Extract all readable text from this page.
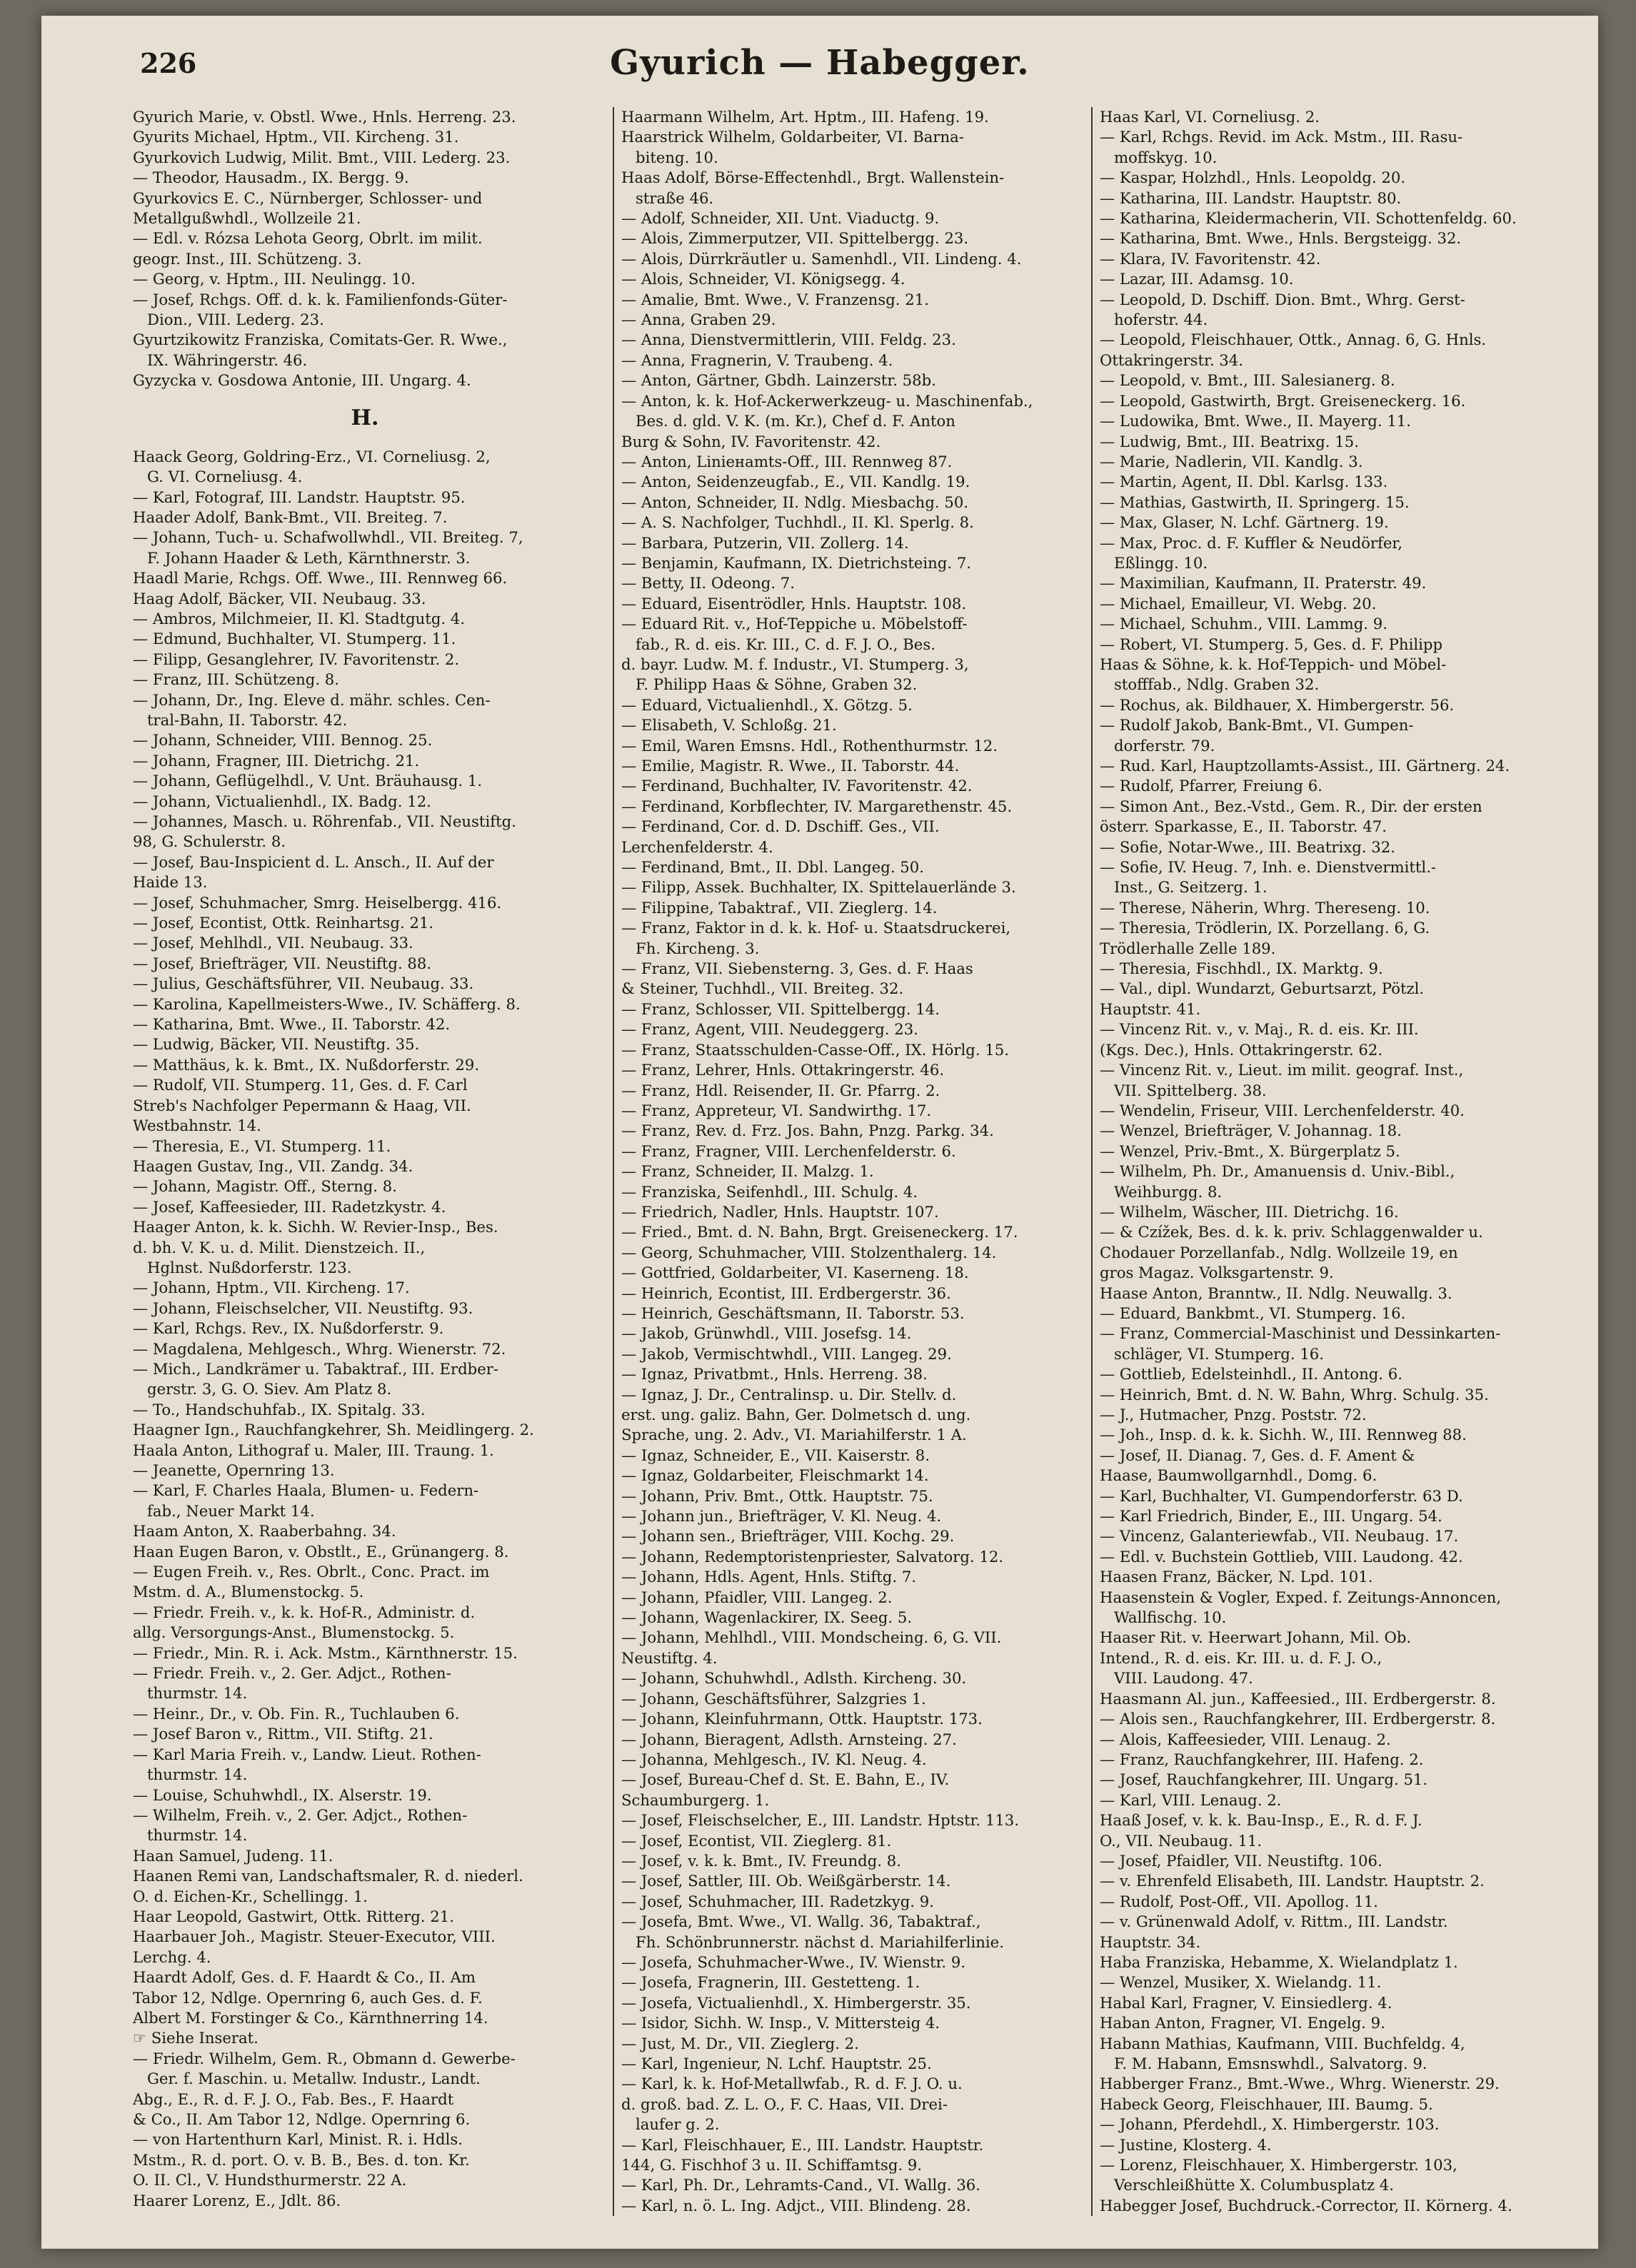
226	Gyurich — Habegger.
Gyurich Marie, v. Obstl. Wwe., Hnls. Herreng. 23.
Gyurits Michael, Hptm., VII. Kircheng. 31.
Gyurkovich Ludwig, Milit. Bmt., VIII. Lederg. 23.
— Theodor, Hausadm., IX. Bergg. 9.
Gyurkovics E. C., Nürnberger, Schlosser- und
Metallgußwhdl., Wollzeile 21.
— Edl. v. Rózsa Lehota Georg, Obrlt. im milit.
geogr. Inst., III. Schützeng. 3.
— Georg, v. Hptm., III. Neulingg. 10.
— Josef, Rchgs. Off. d. k. k. Familienfonds-Güter-
Dion., VIII. Lederg. 23.
Gyurtzikowitz Franziska, Comitats-Ger. R. Wwe.,
IX. Währingerstr. 46.
Gyzycka v. Gosdowa Antonie, III. Ungarg. 4.
H.
Haack Georg, Goldring-Erz., VI. Corneliusg. 2,
G. VI. Corneliusg. 4.
— Karl, Fotograf, III. Landstr. Hauptstr. 95.
Haader Adolf, Bank-Bmt., VII. Breiteg. 7.
— Johann, Tuch- u. Schafwollwhdl., VII. Breiteg. 7,
F. Johann Haader & Leth, Kärnthnerstr. 3.
Haadl Marie, Rchgs. Off. Wwe., III. Rennweg 66.
Haag Adolf, Bäcker, VII. Neubaug. 33.
— Ambros, Milchmeier, II. Kl. Stadtgutg. 4.
— Edmund, Buchhalter, VI. Stumperg. 11.
— Filipp, Gesanglehrer, IV. Favoritenstr. 2.
— Franz, III. Schützeng. 8.
— Johann, Dr., Ing. Eleve d. mähr. schles. Cen-
tral-Bahn, II. Taborstr. 42.
— Johann, Schneider, VIII. Bennog. 25.
— Johann, Fragner, III. Dietrichg. 21.
— Johann, Geflügelhdl., V. Unt. Bräuhausg. 1.
— Johann, Victualienhdl., IX. Badg. 12.
— Johannes, Masch. u. Röhrenfab., VII. Neustiftg.
98, G. Schulerstr. 8.
— Josef, Bau-Inspicient d. L. Ansch., II. Auf der
Haide 13.
— Josef, Schuhmacher, Smrg. Heiselbergg. 416.
— Josef, Econtist, Ottk. Reinhartsg. 21.
— Josef, Mehlhdl., VII. Neubaug. 33.
— Josef, Briefträger, VII. Neustiftg. 88.
— Julius, Geschäftsführer, VII. Neubaug. 33.
— Karolina, Kapellmeisters-Wwe., IV. Schäfferg. 8.
— Katharina, Bmt. Wwe., II. Taborstr. 42.
— Ludwig, Bäcker, VII. Neustiftg. 35.
— Matthäus, k. k. Bmt., IX. Nußdorferstr. 29.
— Rudolf, VII. Stumperg. 11, Ges. d. F. Carl
Streb's Nachfolger Pepermann & Haag, VII.
Westbahnstr. 14.
— Theresia, E., VI. Stumperg. 11.
Haagen Gustav, Ing., VII. Zandg. 34.
— Johann, Magistr. Off., Sterng. 8.
— Josef, Kaffeesieder, III. Radetzkystr. 4.
Haager Anton, k. k. Sichh. W. Revier-Insp., Bes.
d. bh. V. K. u. d. Milit. Dienstzeich. II.,
Hglnst. Nußdorferstr. 123.
— Johann, Hptm., VII. Kircheng. 17.
— Johann, Fleischselcher, VII. Neustiftg. 93.
— Karl, Rchgs. Rev., IX. Nußdorferstr. 9.
— Magdalena, Mehlgesch., Whrg. Wienerstr. 72.
— Mich., Landkrämer u. Tabaktraf., III. Erdber-
gerstr. 3, G. O. Siev. Am Platz 8.
— To., Handschuhfab., IX. Spitalg. 33.
Haagner Ign., Rauchfangkehrer, Sh. Meidlingerg. 2.
Haala Anton, Lithograf u. Maler, III. Traung. 1.
— Jeanette, Opernring 13.
— Karl, F. Charles Haala, Blumen- u. Federn-
fab., Neuer Markt 14.
Haam Anton, X. Raaberbahng. 34.
Haan Eugen Baron, v. Obstlt., E., Grünangerg. 8.
— Eugen Freih. v., Res. Obrlt., Conc. Pract. im
Mstm. d. A., Blumenstockg. 5.
— Friedr. Freih. v., k. k. Hof-R., Administr. d.
allg. Versorgungs-Anst., Blumenstockg. 5.
— Friedr., Min. R. i. Ack. Mstm., Kärnthnerstr. 15.
— Friedr. Freih. v., 2. Ger. Adjct., Rothen-
thurmstr. 14.
— Heinr., Dr., v. Ob. Fin. R., Tuchlauben 6.
— Josef Baron v., Rittm., VII. Stiftg. 21.
— Karl Maria Freih. v., Landw. Lieut. Rothen-
thurmstr. 14.
— Louise, Schuhwhdl., IX. Alserstr. 19.
— Wilhelm, Freih. v., 2. Ger. Adjct., Rothen-
thurmstr. 14.
Haan Samuel, Judeng. 11.
Haanen Remi van, Landschaftsmaler, R. d. niederl.
O. d. Eichen-Kr., Schellingg. 1.
Haar Leopold, Gastwirt, Ottk. Ritterg. 21.
Haarbauer Joh., Magistr. Steuer-Executor, VIII.
Lerchg. 4.
Haardt Adolf, Ges. d. F. Haardt & Co., II. Am
Tabor 12, Ndlge. Opernring 6, auch Ges. d. F.
Albert M. Forstinger & Co., Kärnthnerring 14.
☞ Siehe Inserat.
— Friedr. Wilhelm, Gem. R., Obmann d. Gewerbe-
Ger. f. Maschin. u. Metallw. Industr., Landt.
Abg., E., R. d. F. J. O., Fab. Bes., F. Haardt
& Co., II. Am Tabor 12, Ndlge. Opernring 6.
— von Hartenthurn Karl, Minist. R. i. Hdls.
Mstm., R. d. port. O. v. B. B., Bes. d. ton. Kr.
O. II. Cl., V. Hundsthurmerstr. 22 A.
Haarer Lorenz, E., Jdlt. 86.
Haarmann Wilhelm, Art. Hptm., III. Hafeng. 19.
Haarstrick Wilhelm, Goldarbeiter, VI. Barna-
biteng. 10.
Haas Adolf, Börse-Effectenhdl., Brgt. Wallenstein-
straße 46.
— Adolf, Schneider, XII. Unt. Viaductg. 9.
— Alois, Zimmerputzer, VII. Spittelbergg. 23.
— Alois, Dürrkräutler u. Samenhdl., VII. Lindeng. 4.
— Alois, Schneider, VI. Königsegg. 4.
— Amalie, Bmt. Wwe., V. Franzensg. 21.
— Anna, Graben 29.
— Anna, Dienstvermittlerin, VIII. Feldg. 23.
— Anna, Fragnerin, V. Traubeng. 4.
— Anton, Gärtner, Gbdh. Lainzerstr. 58b.
— Anton, k. k. Hof-Ackerwerkzeug- u. Maschinenfab.,
Bes. d. gld. V. K. (m. Kr.), Chef d. F. Anton
Burg & Sohn, IV. Favoritenstr. 42.
— Anton, Liniенamts-Off., III. Rennweg 87.
— Anton, Seidenzeugfab., E., VII. Kandlg. 19.
— Anton, Schneider, II. Ndlg. Miesbachg. 50.
— A. S. Nachfolger, Tuchhdl., II. Kl. Sperlg. 8.
— Barbara, Putzerin, VII. Zollerg. 14.
— Benjamin, Kaufmann, IX. Dietrichsteing. 7.
— Betty, II. Odeong. 7.
— Eduard, Eisentrödler, Hnls. Hauptstr. 108.
— Eduard Rit. v., Hof-Teppiche u. Möbelstoff-
fab., R. d. eis. Kr. III., C. d. F. J. O., Bes.
d. bayr. Ludw. M. f. Industr., VI. Stumperg. 3,
F. Philipp Haas & Söhne, Graben 32.
— Eduard, Victualienhdl., X. Götzg. 5.
— Elisabeth, V. Schloßg. 21.
— Emil, Waren Emsns. Hdl., Rothenthurmstr. 12.
— Emilie, Magistr. R. Wwe., II. Taborstr. 44.
— Ferdinand, Buchhalter, IV. Favoritenstr. 42.
— Ferdinand, Korbflechter, IV. Margarethenstr. 45.
— Ferdinand, Cor. d. D. Dschiff. Ges., VII.
Lerchenfelderstr. 4.
— Ferdinand, Bmt., II. Dbl. Langeg. 50.
— Filipp, Assek. Buchhalter, IX. Spittelauerlände 3.
— Filippine, Tabaktraf., VII. Zieglerg. 14.
— Franz, Faktor in d. k. k. Hof- u. Staatsdruckerei,
Fh. Kircheng. 3.
— Franz, VII. Siebensterng. 3, Ges. d. F. Haas
& Steiner, Tuchhdl., VII. Breiteg. 32.
— Franz, Schlosser, VII. Spittelbergg. 14.
— Franz, Agent, VIII. Neudeggerg. 23.
— Franz, Staatsschulden-Casse-Off., IX. Hörlg. 15.
— Franz, Lehrer, Hnls. Ottakringerstr. 46.
— Franz, Hdl. Reisender, II. Gr. Pfarrg. 2.
— Franz, Appreteur, VI. Sandwirthg. 17.
— Franz, Rev. d. Frz. Jos. Bahn, Pnzg. Parkg. 34.
— Franz, Fragner, VIII. Lerchenfelderstr. 6.
— Franz, Schneider, II. Malzg. 1.
— Franziska, Seifenhdl., III. Schulg. 4.
— Friedrich, Nadler, Hnls. Hauptstr. 107.
— Fried., Bmt. d. N. Bahn, Brgt. Greiseneckerg. 17.
— Georg, Schuhmacher, VIII. Stolzenthalerg. 14.
— Gottfried, Goldarbeiter, VI. Kaserneng. 18.
— Heinrich, Econtist, III. Erdbergerstr. 36.
— Heinrich, Geschäftsmann, II. Taborstr. 53.
— Jakob, Grünwhdl., VIII. Josefsg. 14.
— Jakob, Vermischtwhdl., VIII. Langeg. 29.
— Ignaz, Privatbmt., Hnls. Herreng. 38.
— Ignaz, J. Dr., Centralinsp. u. Dir. Stellv. d.
erst. ung. galiz. Bahn, Ger. Dolmetsch d. ung.
Sprache, ung. 2. Adv., VI. Mariahilferstr. 1 A.
— Ignaz, Schneider, E., VII. Kaiserstr. 8.
— Ignaz, Goldarbeiter, Fleischmarkt 14.
— Johann, Priv. Bmt., Ottk. Hauptstr. 75.
— Johann jun., Briefträger, V. Kl. Neug. 4.
— Johann sen., Briefträger, VIII. Kochg. 29.
— Johann, Redemptoristenpriester, Salvatorg. 12.
— Johann, Hdls. Agent, Hnls. Stiftg. 7.
— Johann, Pfaidler, VIII. Langeg. 2.
— Johann, Wagenlackirer, IX. Seeg. 5.
— Johann, Mehlhdl., VIII. Mondscheing. 6, G. VII.
Neustiftg. 4.
— Johann, Schuhwhdl., Adlsth. Kircheng. 30.
— Johann, Geschäftsführer, Salzgries 1.
— Johann, Kleinfuhrmann, Ottk. Hauptstr. 173.
— Johann, Bieragent, Adlsth. Arnsteing. 27.
— Johanna, Mehlgesch., IV. Kl. Neug. 4.
— Josef, Bureau-Chef d. St. E. Bahn, E., IV.
Schaumburgerg. 1.
— Josef, Fleischselcher, E., III. Landstr. Hptstr. 113.
— Josef, Econtist, VII. Zieglerg. 81.
— Josef, v. k. k. Bmt., IV. Freundg. 8.
— Josef, Sattler, III. Ob. Weißgärberstr. 14.
— Josef, Schuhmacher, III. Radetzkyg. 9.
— Josefa, Bmt. Wwe., VI. Wallg. 36, Tabaktraf.,
Fh. Schönbrunnerstr. nächst d. Mariahilferlinie.
— Josefa, Schuhmacher-Wwe., IV. Wienstr. 9.
— Josefa, Fragnerin, III. Gestetteng. 1.
— Josefa, Victualienhdl., X. Himbergerstr. 35.
— Isidor, Sichh. W. Insp., V. Mittersteig 4.
— Just, M. Dr., VII. Zieglerg. 2.
— Karl, Ingenieur, N. Lchf. Hauptstr. 25.
— Karl, k. k. Hof-Metallwfab., R. d. F. J. O. u.
d. groß. bad. Z. L. O., F. C. Haas, VII. Drei-
laufer g. 2.
— Karl, Fleischhauer, E., III. Landstr. Hauptstr.
144, G. Fischhof 3 u. II. Schiffamtsg. 9.
— Karl, Ph. Dr., Lehramts-Cand., VI. Wallg. 36.
— Karl, n. ö. L. Ing. Adjct., VIII. Blindeng. 28.
Haas Karl, VI. Corneliusg. 2.
— Karl, Rchgs. Revid. im Ack. Mstm., III. Rasu-
moffskyg. 10.
— Kaspar, Holzhdl., Hnls. Leopoldg. 20.
— Katharina, III. Landstr. Hauptstr. 80.
— Katharina, Kleidermacherin, VII. Schottenfeldg. 60.
— Katharina, Bmt. Wwe., Hnls. Bergsteigg. 32.
— Klara, IV. Favoritenstr. 42.
— Lazar, III. Adamsg. 10.
— Leopold, D. Dschiff. Dion. Bmt., Whrg. Gerst-
hoferstr. 44.
— Leopold, Fleischhauer, Ottk., Annag. 6, G. Hnls.
Ottakringerstr. 34.
— Leopold, v. Bmt., III. Salesianerg. 8.
— Leopold, Gastwirth, Brgt. Greiseneckerg. 16.
— Ludowika, Bmt. Wwe., II. Mayerg. 11.
— Ludwig, Bmt., III. Beatrixg. 15.
— Marie, Nadlerin, VII. Kandlg. 3.
— Martin, Agent, II. Dbl. Karlsg. 133.
— Mathias, Gastwirth, II. Springerg. 15.
— Max, Glaser, N. Lchf. Gärtnerg. 19.
— Max, Proc. d. F. Kuffler & Neudörfer,
Eßlingg. 10.
— Maximilian, Kaufmann, II. Praterstr. 49.
— Michael, Emailleur, VI. Webg. 20.
— Michael, Schuhm., VIII. Lammg. 9.
— Robert, VI. Stumperg. 5, Ges. d. F. Philipp
Haas & Söhne, k. k. Hof-Teppich- und Möbel-
stofffab., Ndlg. Graben 32.
— Rochus, ak. Bildhauer, X. Himbergerstr. 56.
— Rudolf Jakob, Bank-Bmt., VI. Gumpen-
dorferstr. 79.
— Rud. Karl, Hauptzollamts-Assist., III. Gärtnerg. 24.
— Rudolf, Pfarrer, Freiung 6.
— Simon Ant., Bez.-Vstd., Gem. R., Dir. der ersten
österr. Sparkasse, E., II. Taborstr. 47.
— Sofie, Notar-Wwe., III. Beatrixg. 32.
— Sofie, IV. Heug. 7, Inh. e. Dienstvermittl.-
Inst., G. Seitzerg. 1.
— Therese, Näherin, Whrg. Thereseng. 10.
— Theresia, Trödlerin, IX. Porzellang. 6, G.
Trödlerhalle Zelle 189.
— Theresia, Fischhdl., IX. Marktg. 9.
— Val., dipl. Wundarzt, Geburtsarzt, Pötzl.
Hauptstr. 41.
— Vincenz Rit. v., v. Maj., R. d. eis. Kr. III.
(Kgs. Dec.), Hnls. Ottakringerstr. 62.
— Vincenz Rit. v., Lieut. im milit. geograf. Inst.,
VII. Spittelberg. 38.
— Wendelin, Friseur, VIII. Lerchenfelderstr. 40.
— Wenzel, Briefträger, V. Johannag. 18.
— Wenzel, Priv.-Bmt., X. Bürgerplatz 5.
— Wilhelm, Ph. Dr., Amanuensis d. Univ.-Bibl.,
Weihburgg. 8.
— Wilhelm, Wäscher, III. Dietrichg. 16.
— & Czížek, Bes. d. k. k. priv. Schlaggenwalder u.
Chodauer Porzellanfab., Ndlg. Wollzeile 19, en
gros Magaz. Volksgartenstr. 9.
Haase Anton, Branntw., II. Ndlg. Neuwallg. 3.
— Eduard, Bankbmt., VI. Stumperg. 16.
— Franz, Commercial-Maschinist und Dessinkarten-
schläger, VI. Stumperg. 16.
— Gottlieb, Edelsteinhdl., II. Antong. 6.
— Heinrich, Bmt. d. N. W. Bahn, Whrg. Schulg. 35.
— J., Hutmacher, Pnzg. Poststr. 72.
— Joh., Insp. d. k. k. Sichh. W., III. Rennweg 88.
— Josef, II. Dianag. 7, Ges. d. F. Ament &
Haase, Baumwollgarnhdl., Domg. 6.
— Karl, Buchhalter, VI. Gumpendorferstr. 63 D.
— Karl Friedrich, Binder, E., III. Ungarg. 54.
— Vincenz, Galanteriewfab., VII. Neubaug. 17.
— Edl. v. Buchstein Gottlieb, VIII. Laudong. 42.
Haasen Franz, Bäcker, N. Lpd. 101.
Haasenstein & Vogler, Exped. f. Zeitungs-Annoncen,
Wallfischg. 10.
Haaser Rit. v. Heerwart Johann, Mil. Ob.
Intend., R. d. eis. Kr. III. u. d. F. J. O.,
VIII. Laudong. 47.
Haasmann Al. jun., Kaffeesied., III. Erdbergerstr. 8.
— Alois sen., Rauchfangkehrer, III. Erdbergerstr. 8.
— Alois, Kaffeesieder, VIII. Lenaug. 2.
— Franz, Rauchfangkehrer, III. Hafeng. 2.
— Josef, Rauchfangkehrer, III. Ungarg. 51.
— Karl, VIII. Lenaug. 2.
Haaß Josef, v. k. k. Bau-Insp., E., R. d. F. J.
O., VII. Neubaug. 11.
— Josef, Pfaidler, VII. Neustiftg. 106.
— v. Ehrenfeld Elisabeth, III. Landstr. Hauptstr. 2.
— Rudolf, Post-Off., VII. Apollog. 11.
— v. Grünenwald Adolf, v. Rittm., III. Landstr.
Hauptstr. 34.
Haba Franziska, Hebamme, X. Wielandplatz 1.
— Wenzel, Musiker, X. Wielandg. 11.
Habal Karl, Fragner, V. Einsiedlerg. 4.
Haban Anton, Fragner, VI. Engelg. 9.
Habann Mathias, Kaufmann, VIII. Buchfeldg. 4,
F. M. Habann, Emsnswhdl., Salvatorg. 9.
Habberger Franz., Bmt.-Wwe., Whrg. Wienerstr. 29.
Habeck Georg, Fleischhauer, III. Baumg. 5.
— Johann, Pferdehdl., X. Himbergerstr. 103.
— Justine, Klosterg. 4.
— Lorenz, Fleischhauer, X. Himbergerstr. 103,
Verschleißhütte X. Columbusplatz 4.
Habegger Josef, Buchdruck.-Corrector, II. Körnerg. 4.
